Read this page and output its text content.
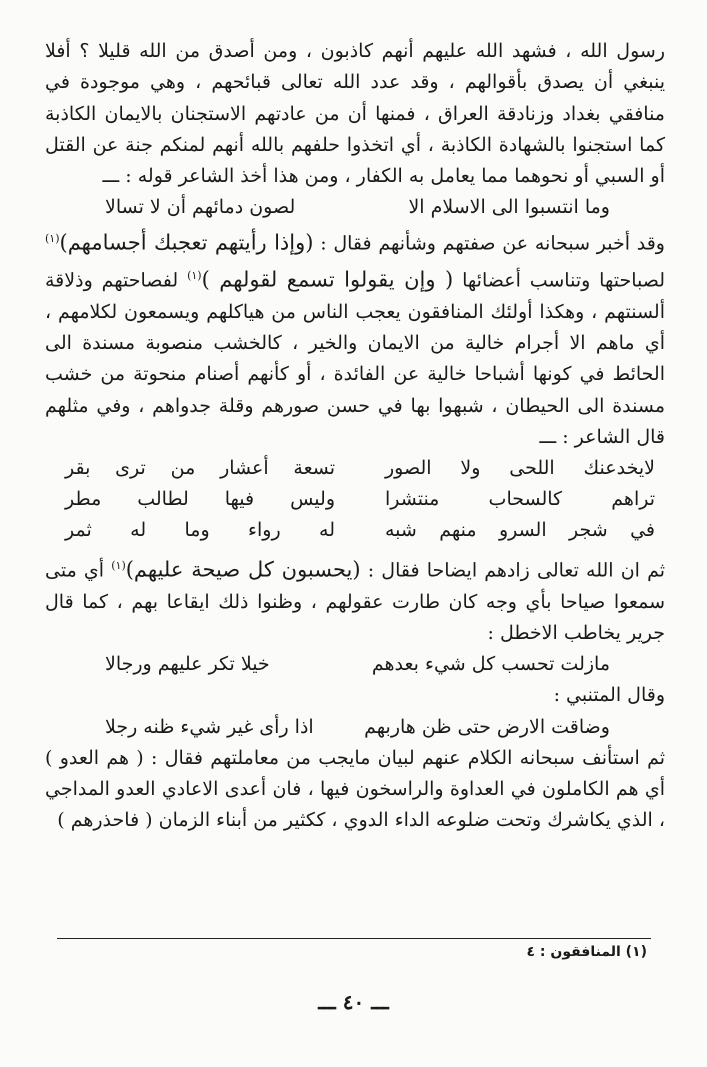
رسول الله ، فشهد الله عليهم أنهم كاذبون ، ومن أصدق من الله قليلا ؟ أفلا ينبغي أن يصدق بأقوالهم ، وقد عدد الله تعالى قبائحهم ، وهي موجودة في منافقي بغداد وزنادقة العراق ، فمنها أن من عادتهم الاستجنان بالايمان الكاذبة كما استجنوا بالشهادة الكاذبة ، أي اتخذوا حلفهم بالله أنهم لمنكم جنة عن القتل أو السبي أو نحوهما مما يعامل به الكفار ، ومن هذا أخذ الشاعر قوله : ـــ

وما انتسبوا الى الاسلام الا
لصون دمائهم أن لا تسالا

وقد أخبر سبحانه عن صفتهم وشأنهم فقال : (وإذا رأيتهم تعجبك أجسامهم)$^{(١)}$ لصباحتها وتناسب أعضائها ( وإن يقولوا تسمع لقولهم )$^{(١)}$ لفصاحتهم وذلاقة ألسنتهم ، وهكذا أولئك المنافقون يعجب الناس من هياكلهم ويسمعون لكلامهم ، أي ماهم الا أجرام خالية من الايمان والخير ، كالخشب منصوبة مسندة الى الحائط في كونها أشباحا خالية عن الفائدة ، أو كأنهم أصنام منحوتة من خشب مسندة الى الحيطان ، شبهوا بها في حسن صورهم وقلة جدواهم ، وفي مثلهم قال الشاعر : ـــ

لايخدعنك اللحى ولا الصور
تسعة أعشار من ترى بقر
تراهم كالسحاب منتشرا
وليس فيها لطالب مطر
في شجر السرو منهم شبه
له رواء وما له ثمر

ثم ان الله تعالى زادهم ايضاحا فقال : (يحسبون كل صيحة عليهم)$^{(١)}$ أي متى سمعوا صياحا بأي وجه كان طارت عقولهم ، وظنوا ذلك ايقاعا بهم ، كما قال جرير يخاطب الاخطل :

مازلت تحسب كل شيء بعدهم
خيلا تكر عليهم ورجالا

وقال المتنبي :

وضاقت الارض حتى ظن هاربهم
اذا رأى غير شيء ظنه رجلا

ثم استأنف سبحانه الكلام عنهم لبيان مايجب من معاملتهم فقال : ( هم العدو ) أي هم الكاملون في العداوة والراسخون فيها ، فان أعدى الاعادي العدو المداجي ، الذي يكاشرك وتحت ضلوعه الداء الدوي ، ككثير من أبناء الزمان ( فاحذرهم )

(١) المنافقون : ٤
ـــ ٤٠ ـــ
